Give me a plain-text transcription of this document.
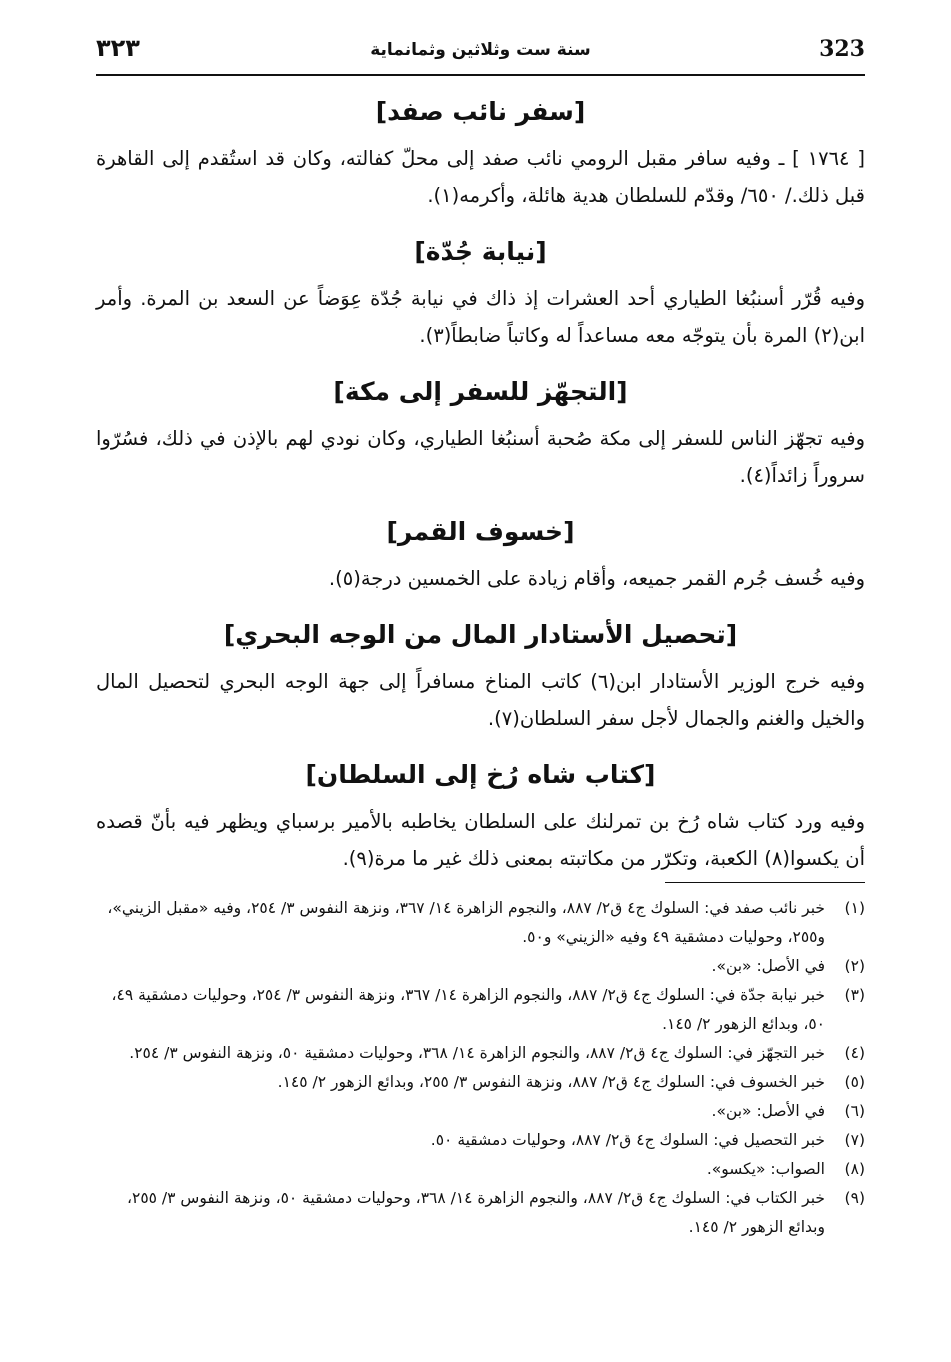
323
سنة ست وثلاثين وثمانماية
٣٢٣
[سفر نائب صفد]

[ ١٧٦٤ ] ـ وفيه سافر مقبل الرومي نائب صفد إلى محلّ كفالته، وكان قد استُقدم إلى القاهرة قبل ذلك./ ٦٥٠/ وقدّم للسلطان هدية هائلة، وأكرمه(١).

[نيابة جُدّة]

وفيه قُرّر أسنبُغا الطياري أحد العشرات إذ ذاك في نيابة جُدّة عِوَضاً عن السعد بن المرة. وأمر ابن(٢) المرة بأن يتوجّه معه مساعداً له وكاتباً ضابطاً(٣).

[التجهّز للسفر إلى مكة]

وفيه تجهّز الناس للسفر إلى مكة صُحبة أسنبُغا الطياري، وكان نودي لهم بالإذن في ذلك، فسُرّوا سروراً زائداً(٤).

[خسوف القمر]

وفيه خُسف جُرم القمر جميعه، وأقام زيادة على الخمسين درجة(٥).

[تحصيل الأستادار المال من الوجه البحري]

وفيه خرج الوزير الأستادار ابن(٦) كاتب المناخ مسافراً إلى جهة الوجه البحري لتحصيل المال والخيل والغنم والجمال لأجل سفر السلطان(٧).

[كتاب شاه رُخ إلى السلطان]

وفيه ورد كتاب شاه رُخ بن تمرلنك على السلطان يخاطبه بالأمير برسباي ويظهر فيه بأنّ قصده أن يكسوا(٨) الكعبة، وتكرّر من مكاتبته بمعنى ذلك غير ما مرة(٩).

(١)
خبر نائب صفد في: السلوك ج٤ ق٢/ ٨٨٧، والنجوم الزاهرة ١٤/ ٣٦٧، ونزهة النفوس ٣/ ٢٥٤، وفيه «مقبل الزيني»، و٢٥٥، وحوليات دمشقية ٤٩ وفيه «الزيني» و٥٠.
(٢)
في الأصل: «بن».
(٣)
خبر نيابة جدّة في: السلوك ج٤ ق٢/ ٨٨٧، والنجوم الزاهرة ١٤/ ٣٦٧، ونزهة النفوس ٣/ ٢٥٤، وحوليات دمشقية ٤٩، ٥٠، وبدائع الزهور ٢/ ١٤٥.
(٤)
خبر التجهّز في: السلوك ج٤ ق٢/ ٨٨٧، والنجوم الزاهرة ١٤/ ٣٦٨، وحوليات دمشقية ٥٠، ونزهة النفوس ٣/ ٢٥٤.
(٥)
خبر الخسوف في: السلوك ج٤ ق٢/ ٨٨٧، ونزهة النفوس ٣/ ٢٥٥، وبدائع الزهور ٢/ ١٤٥.
(٦)
في الأصل: «بن».
(٧)
خبر التحصيل في: السلوك ج٤ ق٢/ ٨٨٧، وحوليات دمشقية ٥٠.
(٨)
الصواب: «يكسو».
(٩)
خبر الكتاب في: السلوك ج٤ ق٢/ ٨٨٧، والنجوم الزاهرة ١٤/ ٣٦٨، وحوليات دمشقية ٥٠، ونزهة النفوس ٣/ ٢٥٥، وبدائع الزهور ٢/ ١٤٥.
